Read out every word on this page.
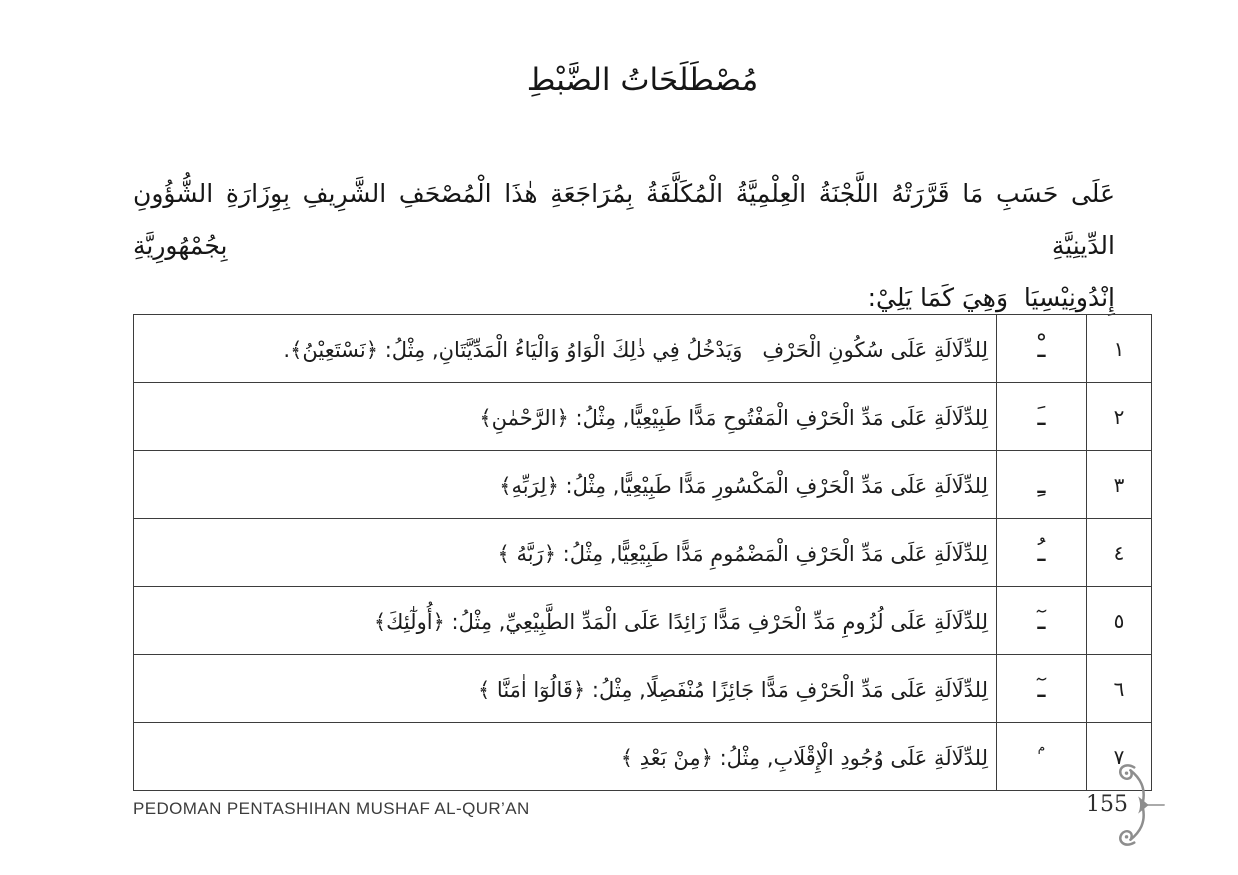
مُصْطَلَحَاتُ الضَّبْطِ
عَلَى حَسَبِ مَا قَرَّرَتْهُ اللَّجْنَةُ الْعِلْمِيَّةُ الْمُكَلَّفَةُ بِمُرَاجَعَةِ هٰذَا الْمُصْحَفِ الشَّرِيفِ بِوِزَارَةِ الشُّؤُونِ الدِّينِيَّةِ بِجُمْهُورِيَّةِ
إِنْدُونِيْسِيَا  وَهِيَ كَمَا يَلِيْ:
١	ـْ	لِلدِّلَالَةِ عَلَى سُكُونِ الْحَرْفِ   وَيَدْخُلُ فِي ذٰلِكَ الْوَاوُ وَالْيَاءُ الْمَدِّيَّتَانِ, مِثْلُ: ﴿نَسْتَعِيْنُ﴾.
٢	ـَ	لِلدِّلَالَةِ عَلَى مَدِّ الْحَرْفِ الْمَفْتُوحِ مَدًّا طَبِيْعِيًّا, مِثْلُ: ﴿الرَّحْمٰنِ﴾
٣	ـِ	لِلدِّلَالَةِ عَلَى مَدِّ الْحَرْفِ الْمَكْسُورِ مَدًّا طَبِيْعِيًّا, مِثْلُ: ﴿لِرَبِّهِ﴾
٤	ـُ	لِلدِّلَالَةِ عَلَى مَدِّ الْحَرْفِ الْمَضْمُومِ مَدًّا طَبِيْعِيًّا, مِثْلُ: ﴿رَبَّهُ ﴾
٥	ـٓ	لِلدِّلَالَةِ عَلَى لُزُومِ مَدِّ الْحَرْفِ مَدًّا زَائِدًا عَلَى الْمَدِّ الطَّبِيْعِيِّ, مِثْلُ: ﴿أُولٰٓئِكَ﴾
٦	ـٓ	لِلدِّلَالَةِ عَلَى مَدِّ الْحَرْفِ مَدًّا جَائِزًا مُنْفَصِلًا, مِثْلُ: ﴿قَالُوٓا اٰمَنَّا ﴾
٧	م	لِلدِّلَالَةِ عَلَى وُجُودِ الْإِقْلَابِ, مِثْلُ: ﴿مِنْ بَعْدِ ﴾
PEDOMAN PENTASHIHAN MUSHAF AL-QUR’AN	155
